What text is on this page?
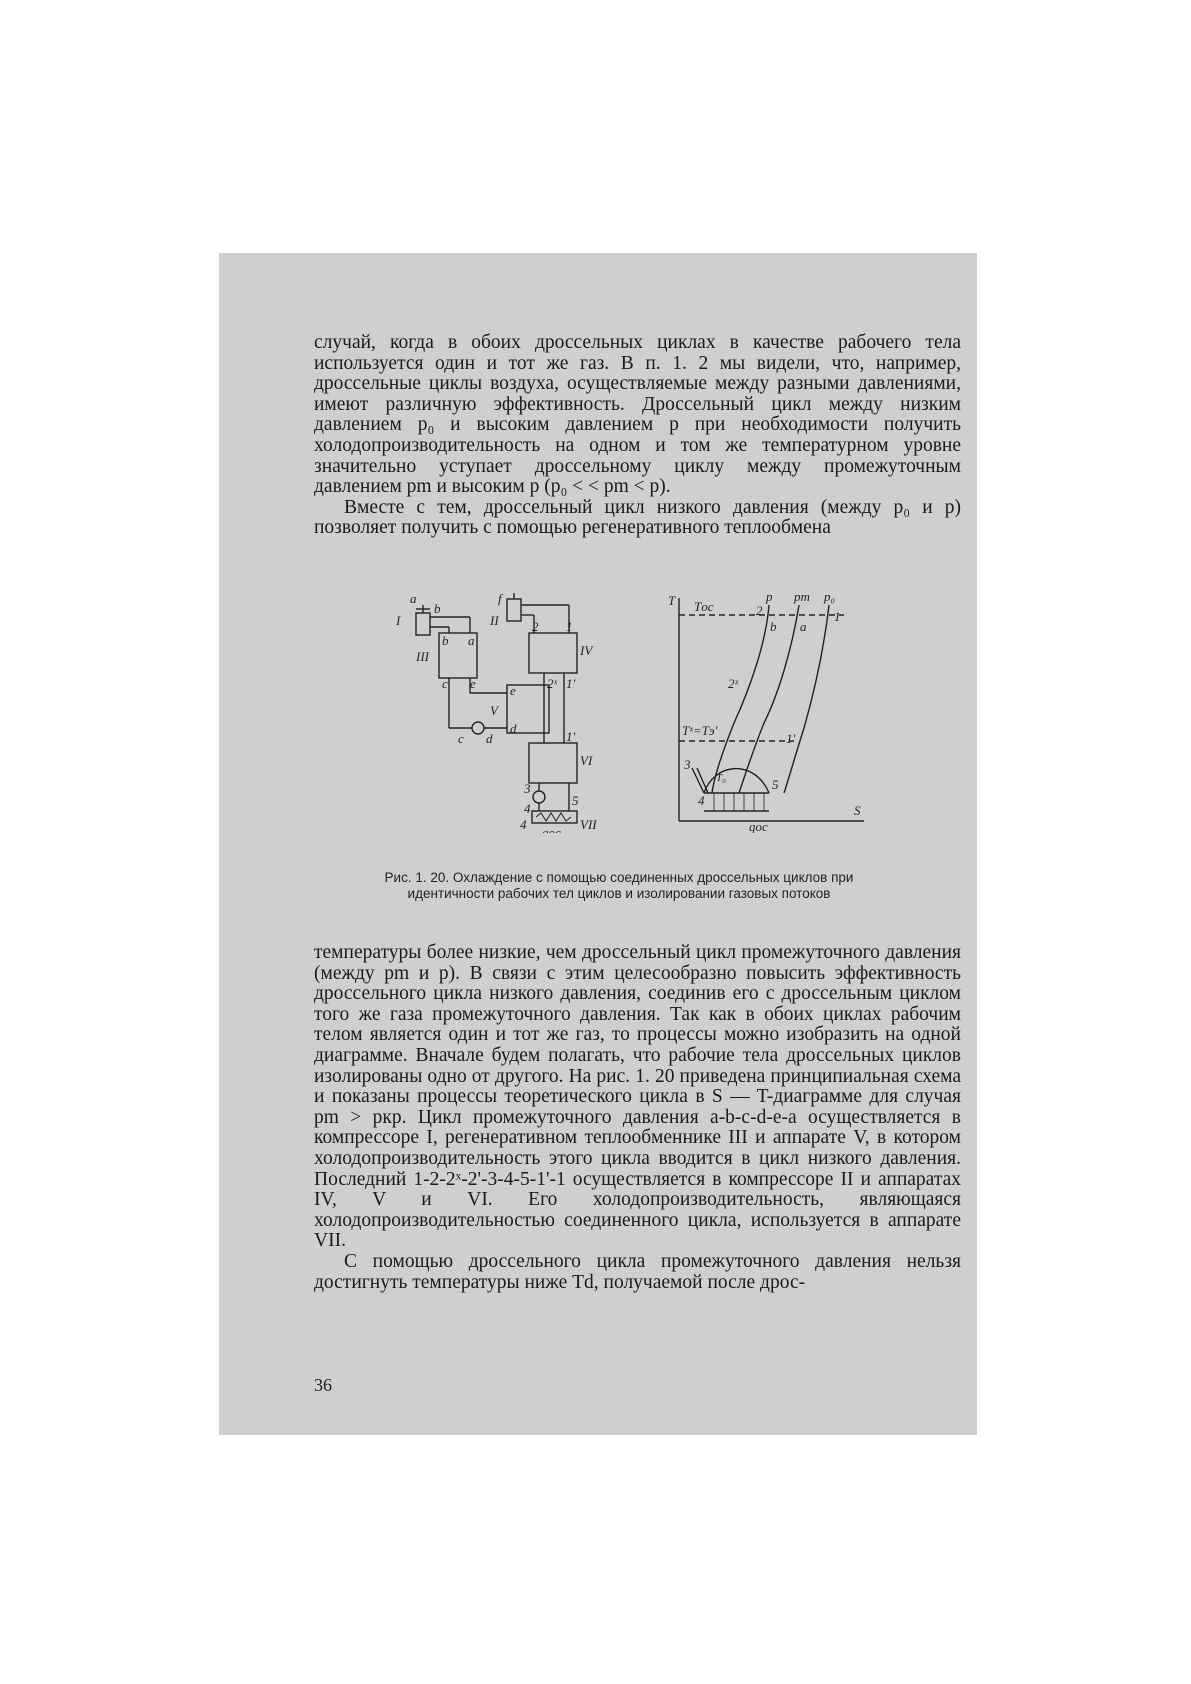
случай, когда в обоих дроссельных циклах в качестве рабочего тела используется один и тот же газ. В п. 1. 2 мы видели, что, например, дроссельные циклы воздуха, осуществляемые между разными давлениями, имеют различную эффективность. Дроссельный цикл между низким давлением p₀ и высоким давлением p при необходимости получить холодопроизводительность на одном и том же температурном уровне значительно уступает дроссельному циклу между промежуточным давлением pm и высоким p (p₀ < < pm < p).

Вместе с тем, дроссельный цикл низкого давления (между p₀ и p) позволяет получить с помощью регенеративного теплообмена

I
a
b
b a
III
c e
c d
V
e
d
f
II	2 1
IV
2ˣ 1'
1'
VI
3
4
5
4	VII
qос
T
S
Tос
p pm p₀
2	1
b a
2ˣ
Tˣ=Tэ'
1'
3
4
5
T₀
qос
Рис. 1. 20. Охлаждение с помощью соединенных дроссельных циклов при идентичности рабочих тел циклов и изолировании газовых потоков

температуры более низкие, чем дроссельный цикл промежуточного давления (между pm и p). В связи с этим целесообразно повысить эффективность дроссельного цикла низкого давления, соединив его с дроссельным циклом того же газа промежуточного давления. Так как в обоих циклах рабочим телом является один и тот же газ, то процессы можно изобразить на одной диаграмме. Вначале будем полагать, что рабочие тела дроссельных циклов изолированы одно от другого. На рис. 1. 20 приведена принципиальная схема и показаны процессы теоретического цикла в S — T-диаграмме для случая pm > pкр. Цикл промежуточного давления a-b-c-d-e-a осуществляется в компрессоре I, регенеративном теплообменнике III и аппарате V, в котором холодопроизводительность этого цикла вводится в цикл низкого давления. Последний 1-2-2ˣ-2'-3-4-5-1'-1 осуществляется в компрессоре II и аппаратах IV, V и VI. Его холодопроизводительность, являющаяся холодопроизводительностью соединенного цикла, используется в аппарате VII.

С помощью дроссельного цикла промежуточного давления нельзя достигнуть температуры ниже Td, получаемой после дрос-

36
